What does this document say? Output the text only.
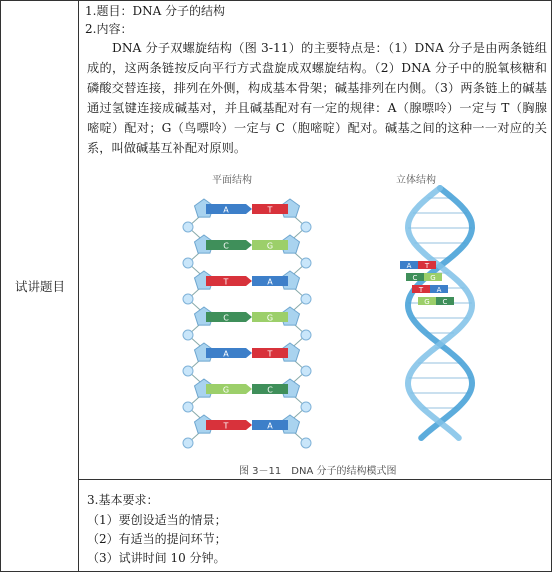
试讲题目
1.题目：DNA 分子的结构
2.内容：
DNA 分子双螺旋结构（图 3-11）的主要特点是：（1）DNA 分子是由两条链组成的，这两条链按反向平行方式盘旋成双螺旋结构。（2）DNA 分子中的脱氧核糖和磷酸交替连接，排列在外侧，构成基本骨架；碱基排列在内侧。（3）两条链上的碱基通过氢键连接成碱基对，并且碱基配对有一定的规律：A（腺嘌呤）一定与 T（胸腺嘧啶）配对；G（鸟嘌呤）一定与 C（胞嘧啶）配对。碱基之间的这种一一对应的关系，叫做碱基互补配对原则。
平面结构	立体结构
A	T
C	G
T	A
C	G
A	T
G	C
T	A
A T
C G
T A
G C
图 3－11　DNA 分子的结构模式图
3.基本要求：
（1）要创设适当的情景；
（2）有适当的提问环节；
（3）试讲时间 10 分钟。
